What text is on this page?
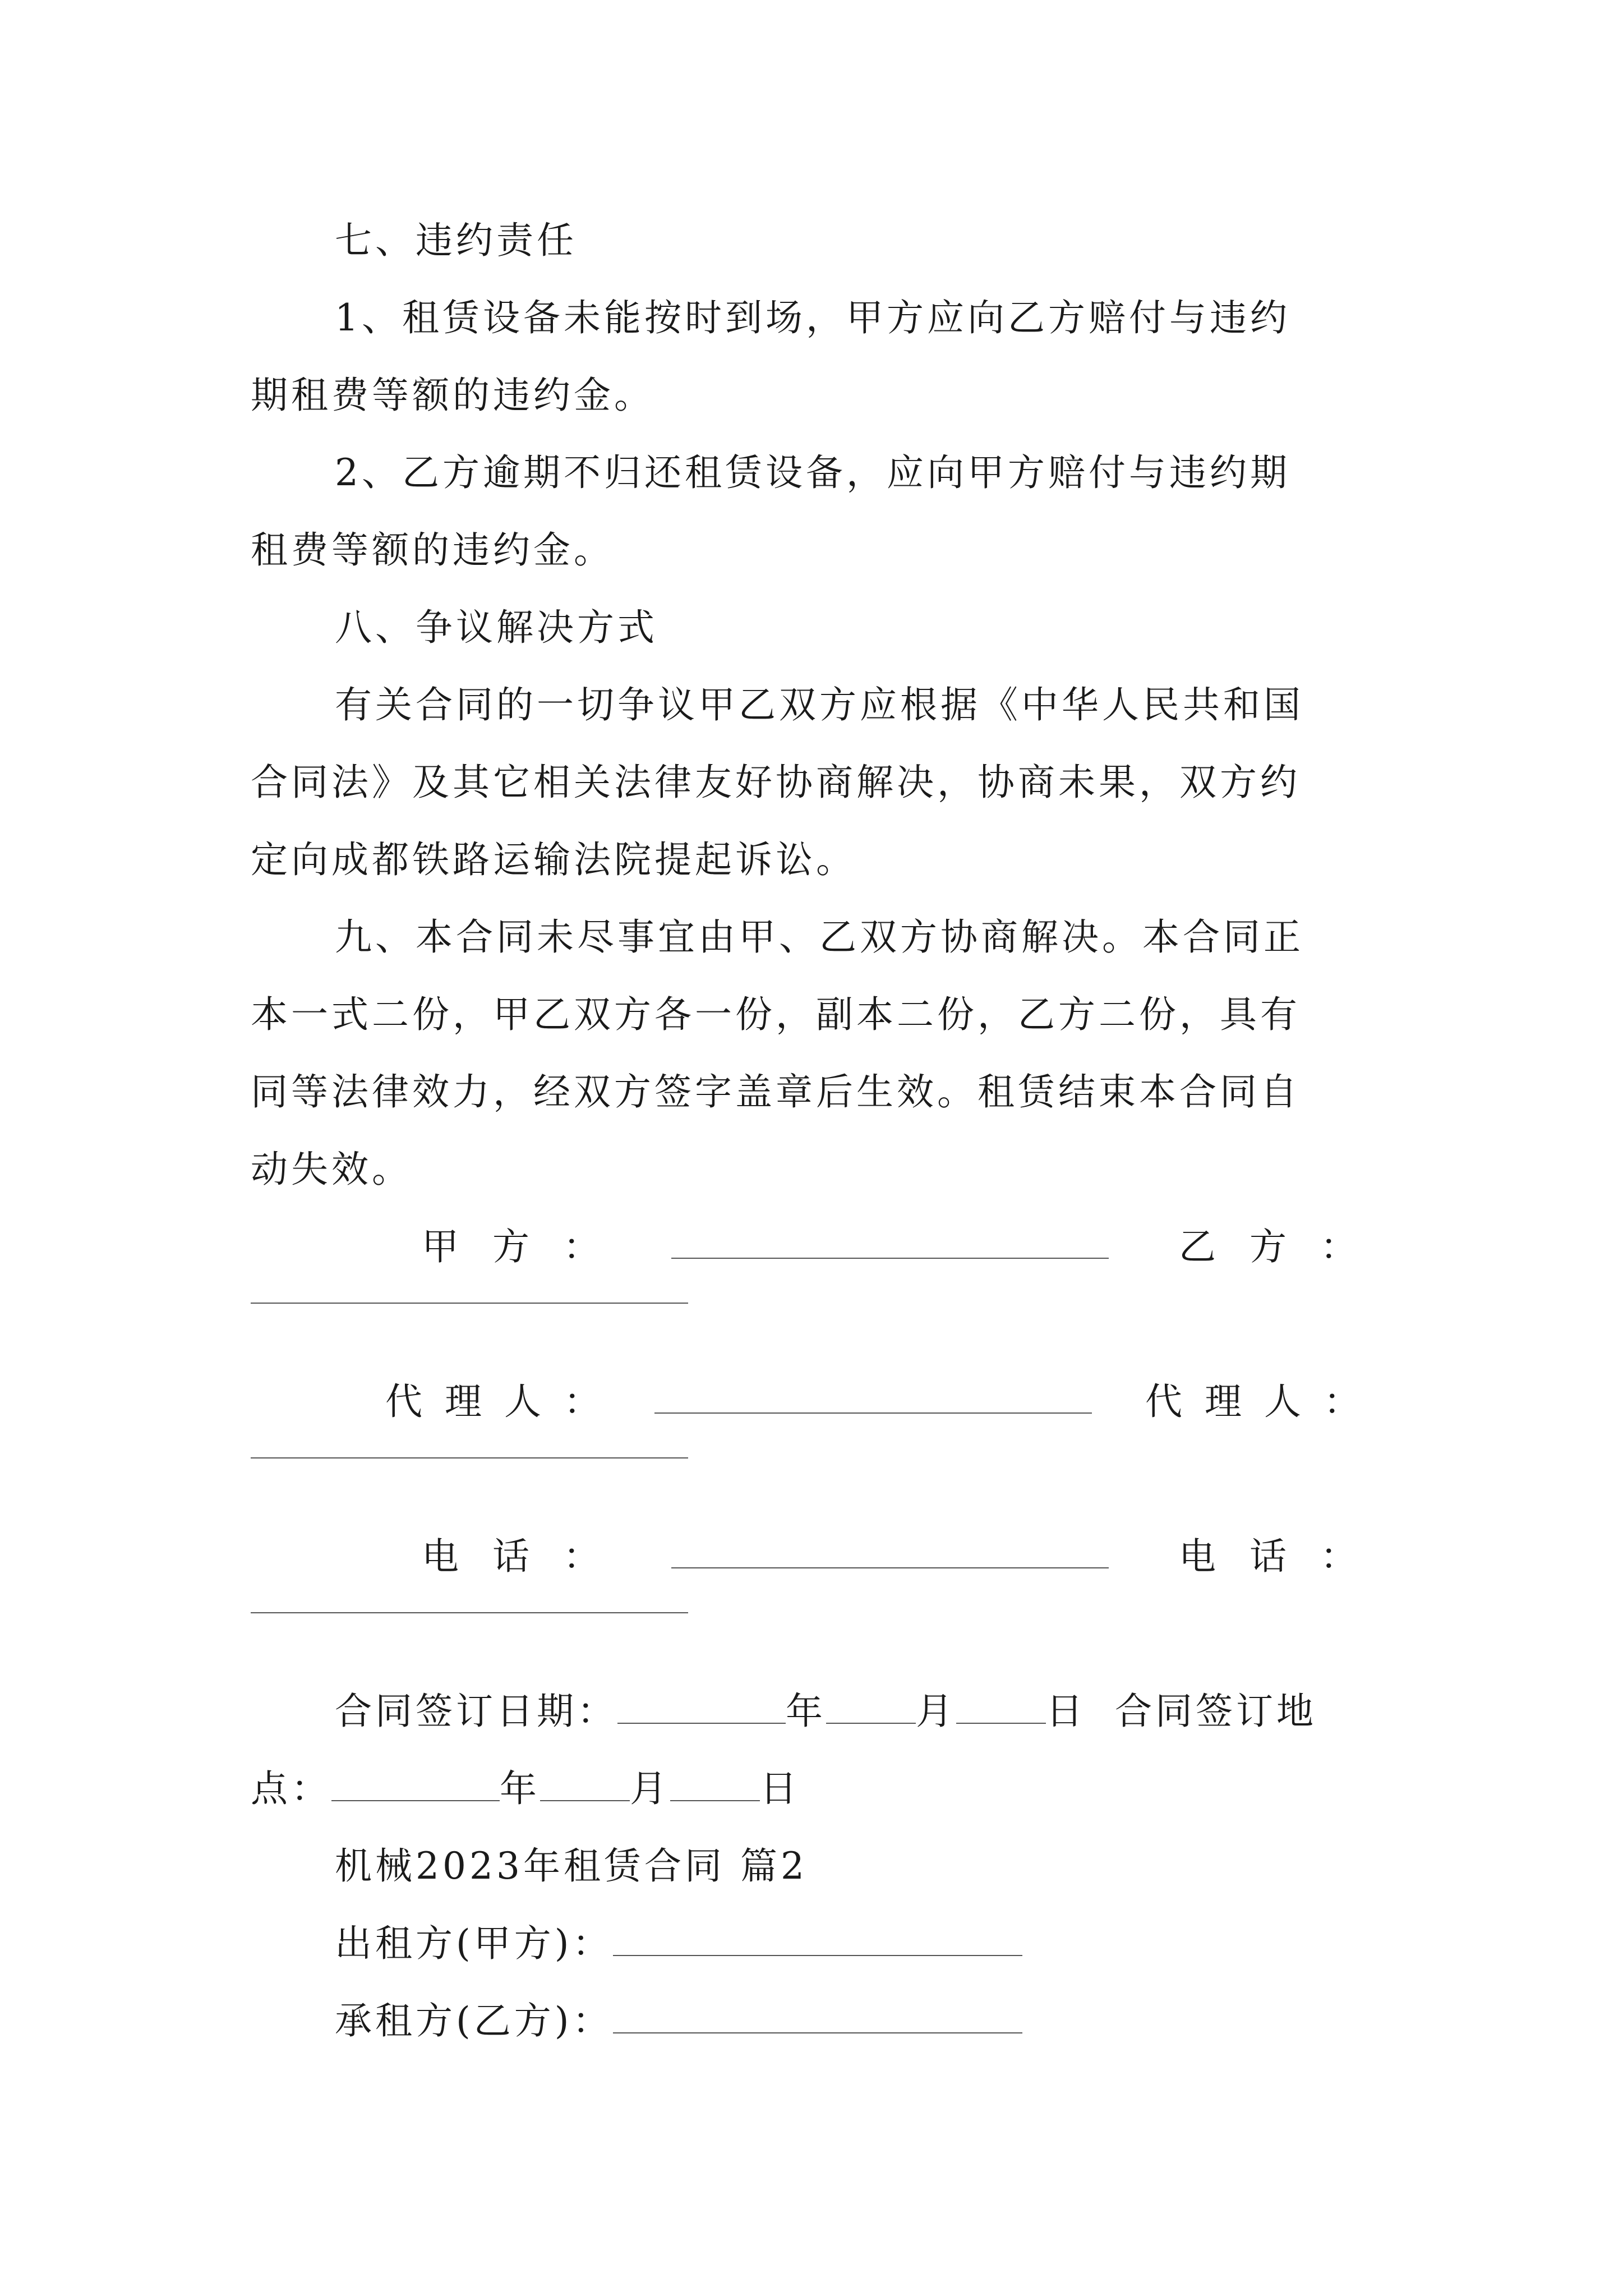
七、违约责任
1、租赁设备未能按时到场，甲方应向乙方赔付与违约
期租费等额的违约金。
2、乙方逾期不归还租赁设备，应向甲方赔付与违约期
租费等额的违约金。
八、争议解决方式
有关合同的一切争议甲乙双方应根据《中华人民共和国
合同法》及其它相关法律友好协商解决，协商未果，双方约
定向成都铁路运输法院提起诉讼。
九、本合同未尽事宜由甲、乙双方协商解决。本合同正
本一式二份，甲乙双方各一份，副本二份，乙方二份，具有
同等法律效力，经双方签字盖章后生效。租赁结束本合同自
动失效。
甲方：	乙方：
代理人：	代理人：
电话：	电话：
合同签订日期：	年 月 日 合同签订地
点：	年 月 日
机械2023年租赁合同 篇2
出租方(甲方)：
承租方(乙方)：
